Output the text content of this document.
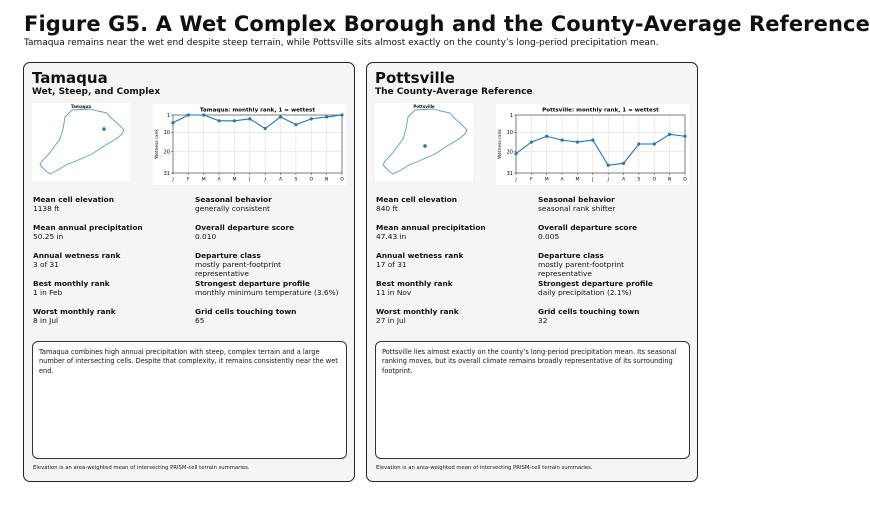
Figure G5. A Wet Complex Borough and the County-Average Reference
Tamaqua remains near the wet end despite steep terrain, while Pottsville sits almost exactly on the county’s long-period precipitation mean.
Tamaqua
Wet, Steep, and Complex
Tamaqua
Tamaqua: monthly rank, 1 = wettest
1
10
20
31
J	F	M	A	M	J	J	A	S	O	N	D
Wetness rank
Mean cell elevation
1138 ft
Seasonal behavior
generally consistent
Mean annual precipitation
50.25 in
Overall departure score
0.010
Annual wetness rank
3 of 31
Departure class
mostly parent-footprint representative
Best monthly rank
1 in Feb
Strongest departure profile
monthly minimum temperature (3.6%)
Worst monthly rank
8 in Jul
Grid cells touching town
65
Tamaqua combines high annual precipitation with steep, complex terrain and a large number of intersecting cells. Despite that complexity, it remains consistently near the wet end.
Elevation is an area-weighted mean of intersecting PRISM-cell terrain summaries.
Pottsville
The County-Average Reference
Pottsville
Pottsville: monthly rank, 1 = wettest
1
10
20
31
J	F	M	A	M	J	J	A	S	O	N	D
Wetness rank
Mean cell elevation
840 ft
Seasonal behavior
seasonal rank shifter
Mean annual precipitation
47.43 in
Overall departure score
0.005
Annual wetness rank
17 of 31
Departure class
mostly parent-footprint representative
Best monthly rank
11 in Nov
Strongest departure profile
daily precipitation (2.1%)
Worst monthly rank
27 in Jul
Grid cells touching town
32
Pottsville lies almost exactly on the county’s long-period precipitation mean. Its seasonal ranking moves, but its overall climate remains broadly representative of its surrounding footprint.
Elevation is an area-weighted mean of intersecting PRISM-cell terrain summaries.
